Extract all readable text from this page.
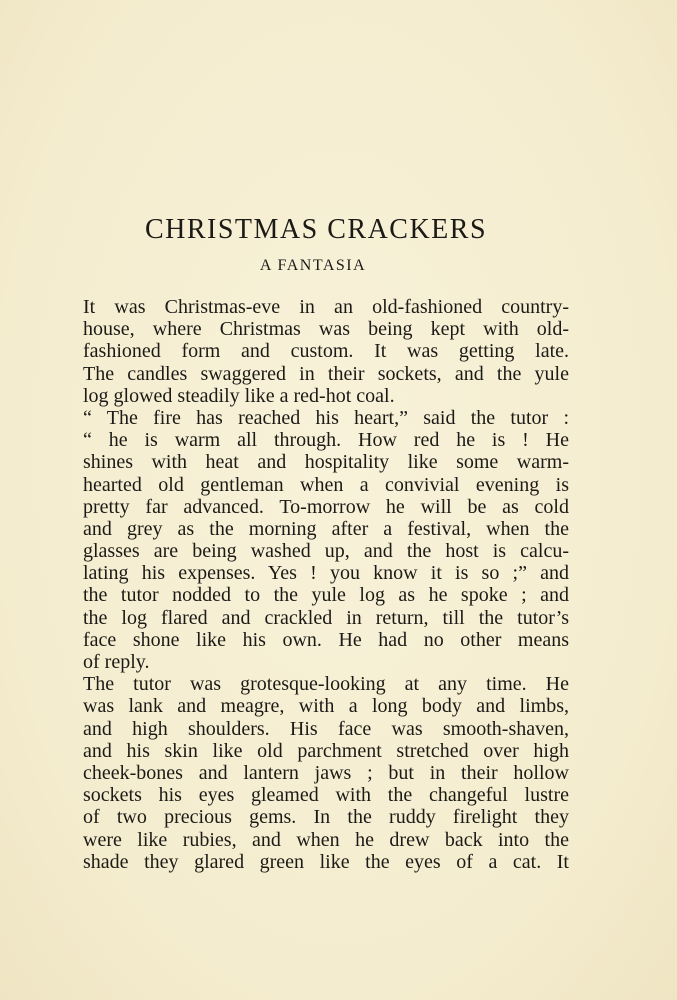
CHRISTMAS CRACKERS
A FANTASIA
It was Christmas-eve in an old-fashioned country-
house, where Christmas was being kept with old-
fashioned form and custom. It was getting late.
The candles swaggered in their sockets, and the yule
log glowed steadily like a red-hot coal.
“ The fire has reached his heart,” said the tutor :
“ he is warm all through. How red he is ! He
shines with heat and hospitality like some warm-
hearted old gentleman when a convivial evening is
pretty far advanced. To-morrow he will be as cold
and grey as the morning after a festival, when the
glasses are being washed up, and the host is calcu-
lating his expenses. Yes ! you know it is so ;” and
the tutor nodded to the yule log as he spoke ; and
the log flared and crackled in return, till the tutor’s
face shone like his own. He had no other means
of reply.
The tutor was grotesque-looking at any time. He
was lank and meagre, with a long body and limbs,
and high shoulders. His face was smooth-shaven,
and his skin like old parchment stretched over high
cheek-bones and lantern jaws ; but in their hollow
sockets his eyes gleamed with the changeful lustre
of two precious gems. In the ruddy firelight they
were like rubies, and when he drew back into the
shade they glared green like the eyes of a cat. It
